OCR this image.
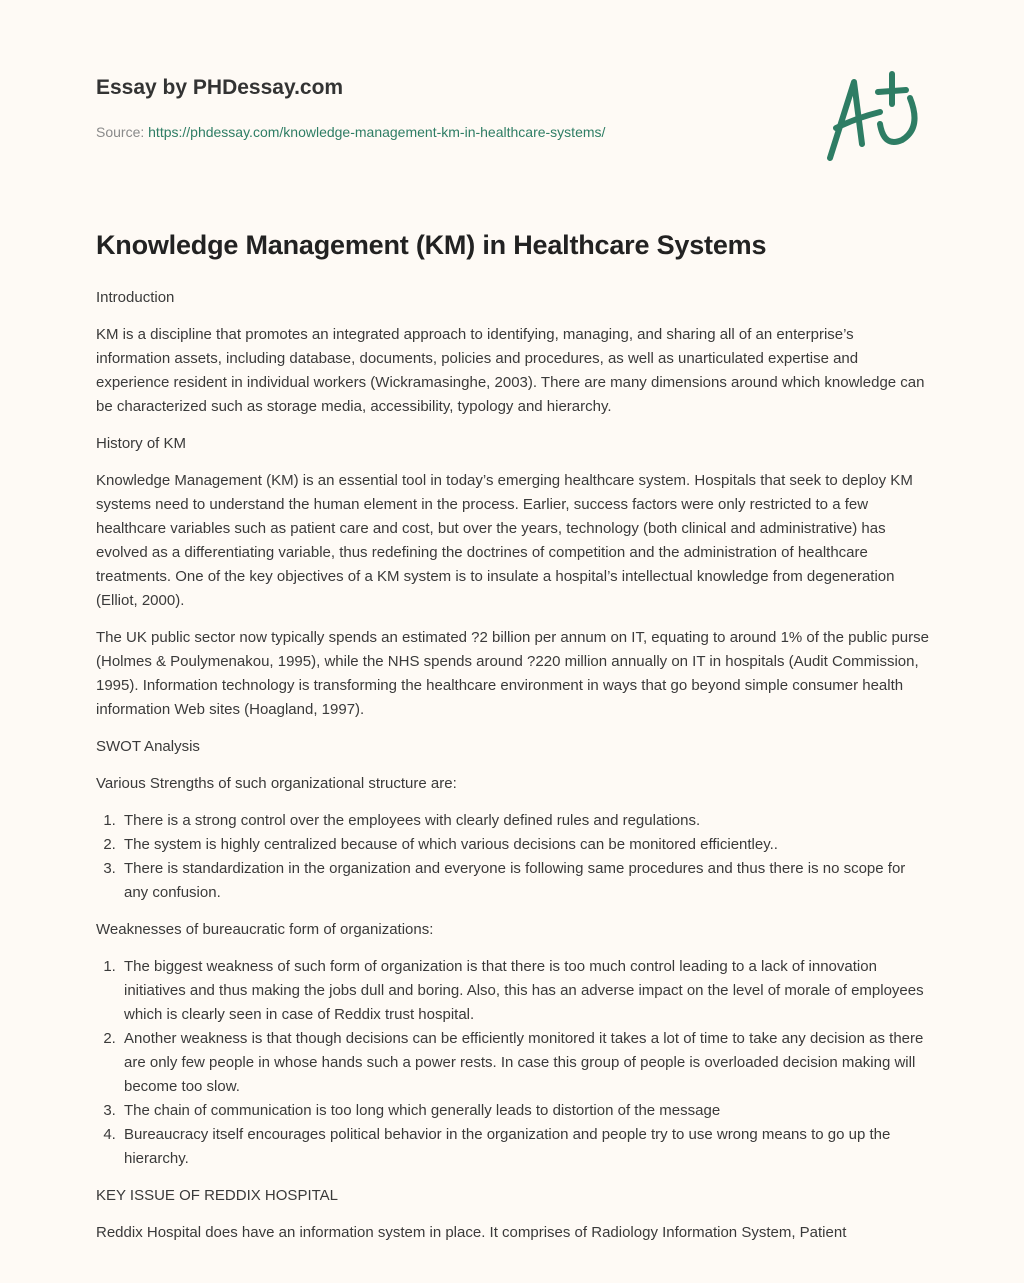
Essay by PHDessay.com

Source: https://phdessay.com/knowledge-management-km-in-healthcare-systems/

Knowledge Management (KM) in Healthcare Systems

Introduction

KM is a discipline that promotes an integrated approach to identifying, managing, and sharing all of an enterprise’s information assets, including database, documents, policies and procedures, as well as unarticulated expertise and experience resident in individual workers (Wickramasinghe, 2003). There are many dimensions around which knowledge can be characterized such as storage media, accessibility, typology and hierarchy.

History of KM

Knowledge Management (KM) is an essential tool in today’s emerging healthcare system. Hospitals that seek to deploy KM systems need to understand the human element in the process. Earlier, success factors were only restricted to a few healthcare variables such as patient care and cost, but over the years, technology (both clinical and administrative) has evolved as a differentiating variable, thus redefining the doctrines of competition and the administration of healthcare treatments. One of the key objectives of a KM system is to insulate a hospital’s intellectual knowledge from degeneration (Elliot, 2000).

The UK public sector now typically spends an estimated ?2 billion per annum on IT, equating to around 1% of the public purse (Holmes & Poulymenakou, 1995), while the NHS spends around ?220 million annually on IT in hospitals (Audit Commission, 1995). Information technology is transforming the healthcare environment in ways that go beyond simple consumer health information Web sites (Hoagland, 1997).

SWOT Analysis

Various Strengths of such organizational structure are:

1. There is a strong control over the employees with clearly defined rules and regulations.
2. The system is highly centralized because of which various decisions can be monitored efficientley..
3. There is standardization in the organization and everyone is following same procedures and thus there is no scope for any confusion.

Weaknesses of bureaucratic form of organizations:

1. The biggest weakness of such form of organization is that there is too much control leading to a lack of innovation initiatives and thus making the jobs dull and boring. Also, this has an adverse impact on the level of morale of employees which is clearly seen in case of Reddix trust hospital.
2. Another weakness is that though decisions can be efficiently monitored it takes a lot of time to take any decision as there are only few people in whose hands such a power rests. In case this group of people is overloaded decision making will become too slow.
3. The chain of communication is too long which generally leads to distortion of the message
4. Bureaucracy itself encourages political behavior in the organization and people try to use wrong means to go up the hierarchy.

KEY ISSUE OF REDDIX HOSPITAL

Reddix Hospital does have an information system in place. It comprises of Radiology Information System, Patient
